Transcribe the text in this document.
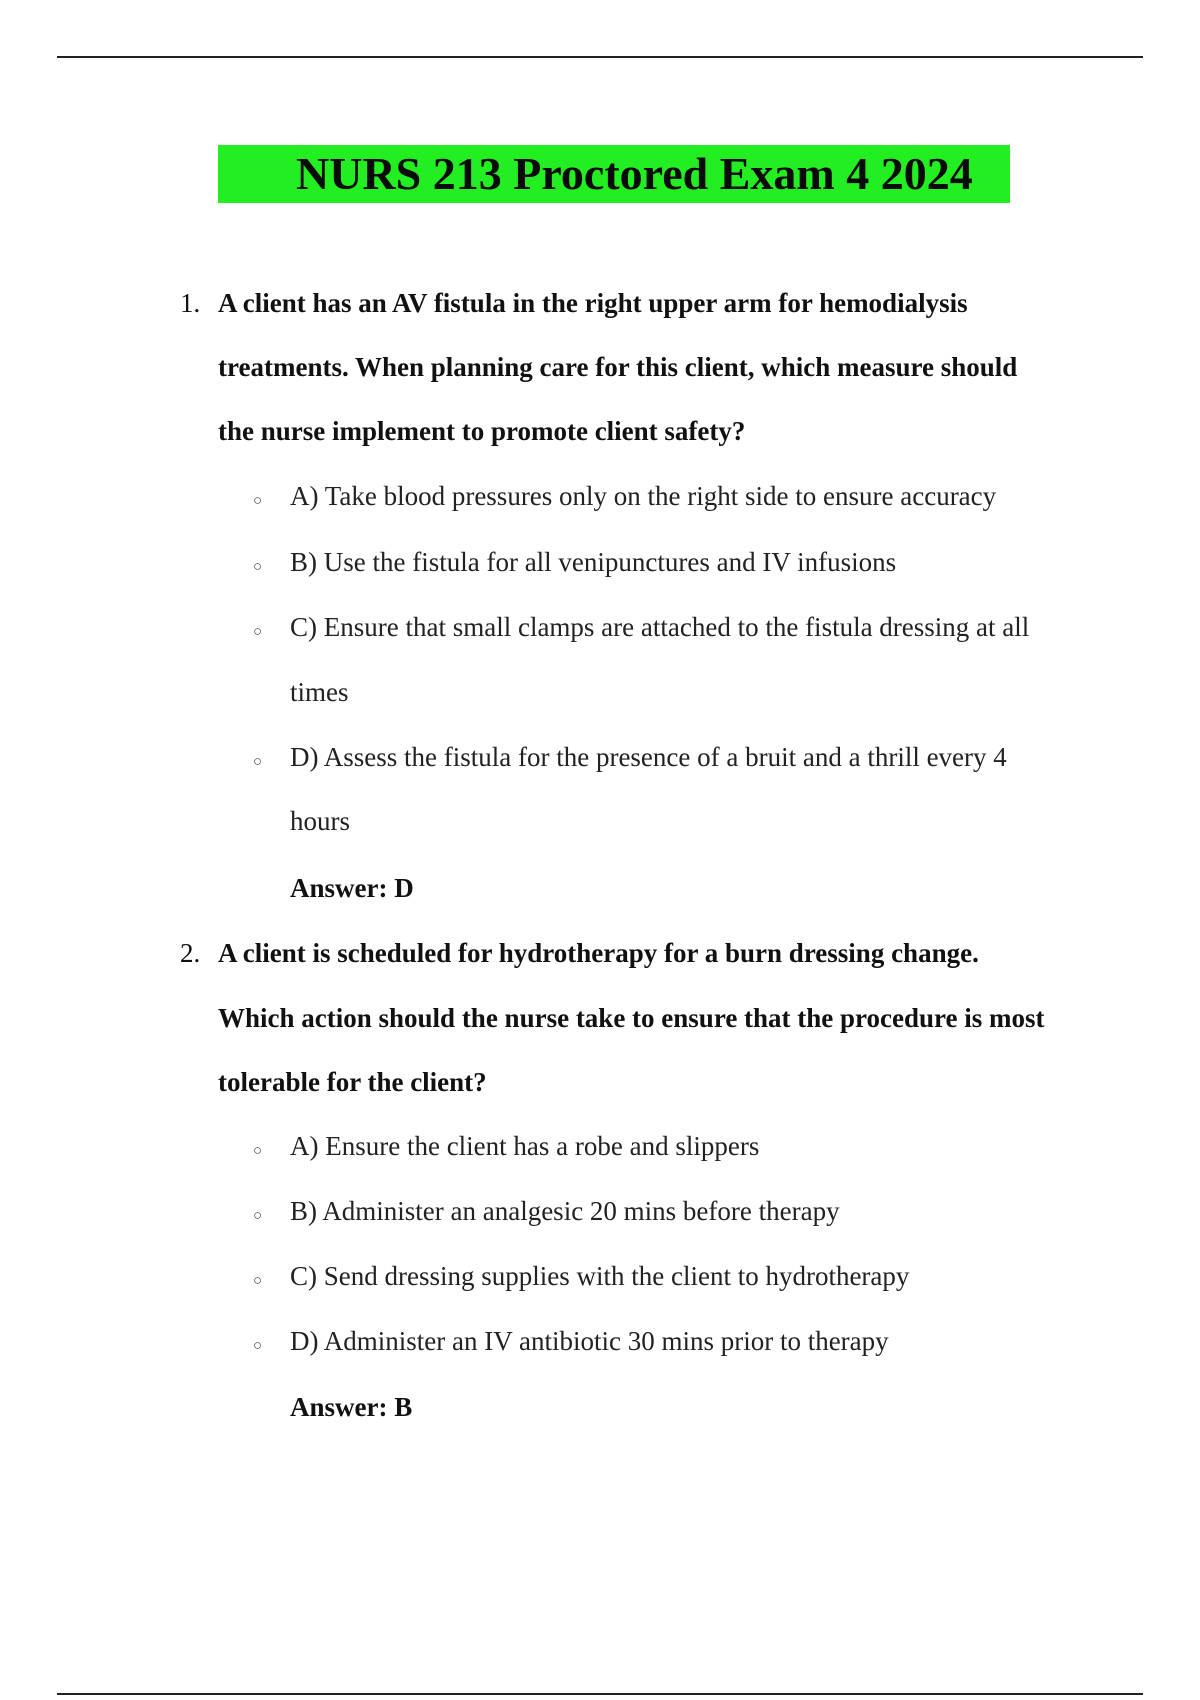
NURS 213 Proctored Exam 4 2024
1. A client has an AV fistula in the right upper arm for hemodialysis
treatments. When planning care for this client, which measure should
the nurse implement to promote client safety?
○ A) Take blood pressures only on the right side to ensure accuracy
○ B) Use the fistula for all venipunctures and IV infusions
○ C) Ensure that small clamps are attached to the fistula dressing at all
times
○ D) Assess the fistula for the presence of a bruit and a thrill every 4
hours
Answer: D
2. A client is scheduled for hydrotherapy for a burn dressing change.
Which action should the nurse take to ensure that the procedure is most
tolerable for the client?
○ A) Ensure the client has a robe and slippers
○ B) Administer an analgesic 20 mins before therapy
○ C) Send dressing supplies with the client to hydrotherapy
○ D) Administer an IV antibiotic 30 mins prior to therapy
Answer: B
